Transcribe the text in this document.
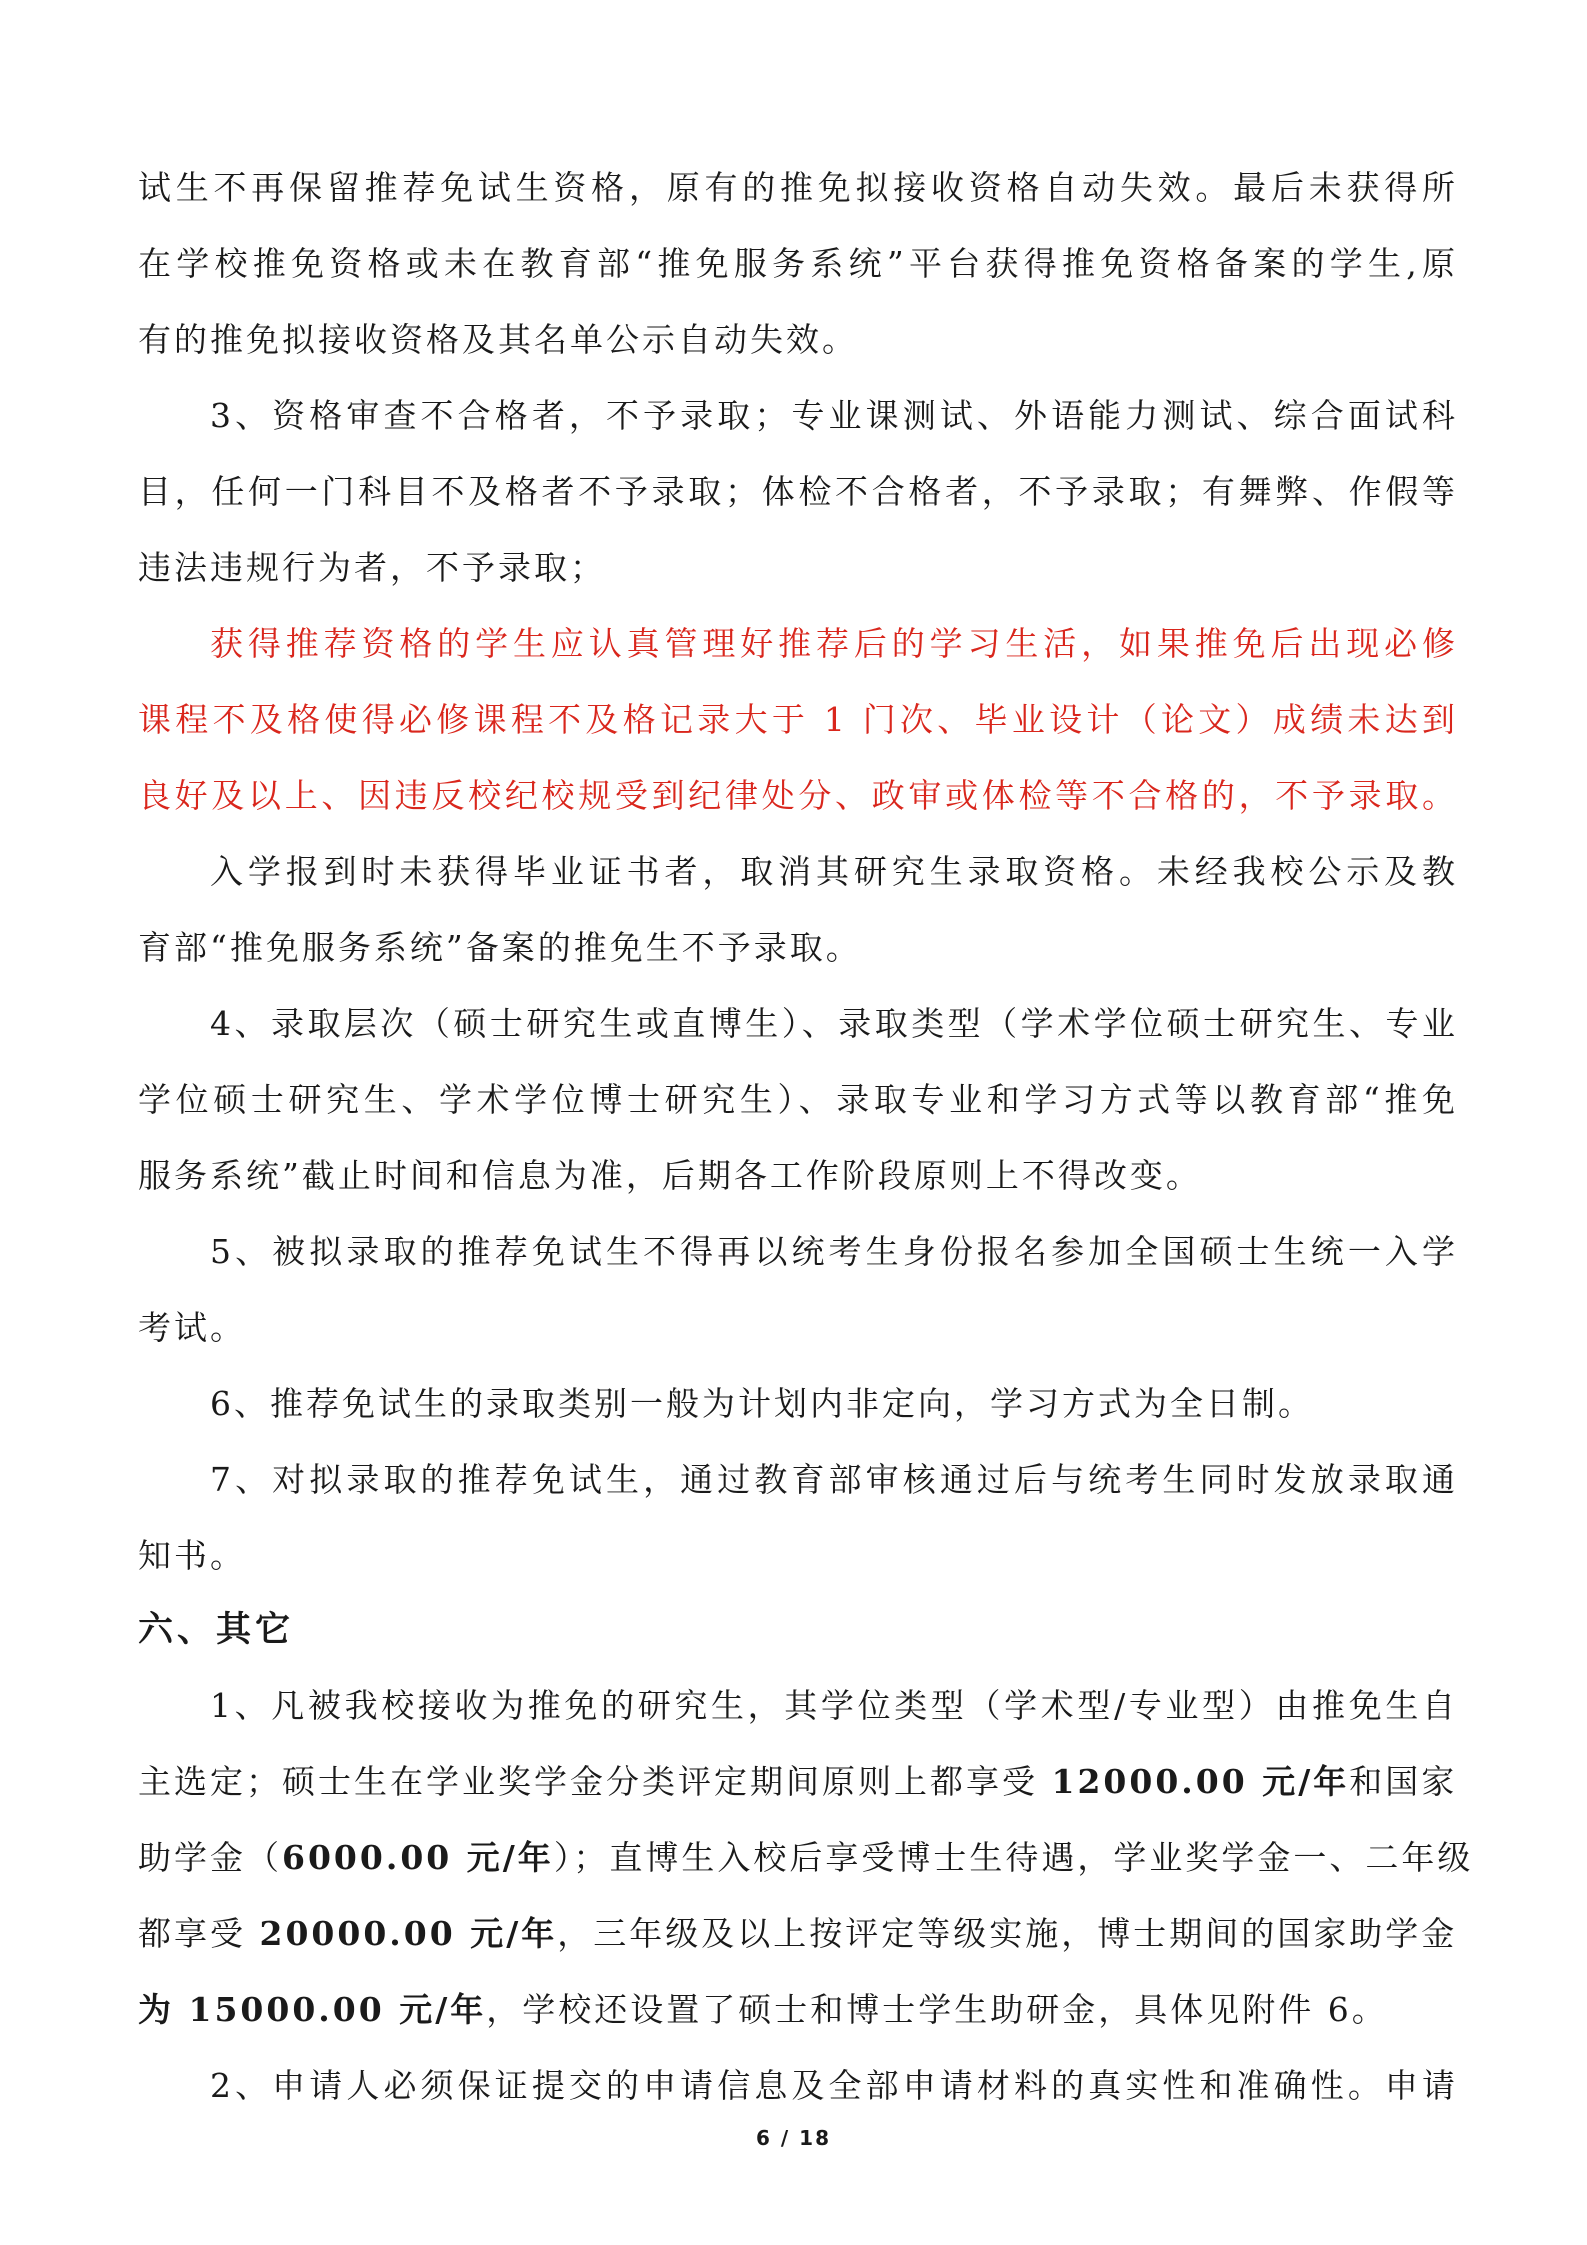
试生不再保留推荐免试生资格，原有的推免拟接收资格自动失效。最后未获得所
在学校推免资格或未在教育部“推免服务系统”平台获得推免资格备案的学生,原
有的推免拟接收资格及其名单公示自动失效。
3、资格审查不合格者，不予录取；专业课测试、外语能力测试、综合面试科
目，任何一门科目不及格者不予录取；体检不合格者，不予录取；有舞弊、作假等
违法违规行为者，不予录取；
获得推荐资格的学生应认真管理好推荐后的学习生活，如果推免后出现必修
课程不及格使得必修课程不及格记录大于 1 门次、毕业设计（论文）成绩未达到
良好及以上、因违反校纪校规受到纪律处分、政审或体检等不合格的，不予录取。
入学报到时未获得毕业证书者，取消其研究生录取资格。未经我校公示及教
育部“推免服务系统”备案的推免生不予录取。
4、录取层次（硕士研究生或直博生）、录取类型（学术学位硕士研究生、专业
学位硕士研究生、学术学位博士研究生）、录取专业和学习方式等以教育部“推免
服务系统”截止时间和信息为准，后期各工作阶段原则上不得改变。
5、被拟录取的推荐免试生不得再以统考生身份报名参加全国硕士生统一入学
考试。
6、推荐免试生的录取类别一般为计划内非定向，学习方式为全日制。
7、对拟录取的推荐免试生，通过教育部审核通过后与统考生同时发放录取通
知书。
六、其它
1、凡被我校接收为推免的研究生，其学位类型（学术型/专业型）由推免生自
主选定；硕士生在学业奖学金分类评定期间原则上都享受 12000.00 元/年和国家
助学金（6000.00 元/年）；直博生入校后享受博士生待遇，学业奖学金一、二年级
都享受 20000.00 元/年，三年级及以上按评定等级实施，博士期间的国家助学金
为 15000.00 元/年，学校还设置了硕士和博士学生助研金，具体见附件 6。
2、申请人必须保证提交的申请信息及全部申请材料的真实性和准确性。申请
6 / 18
